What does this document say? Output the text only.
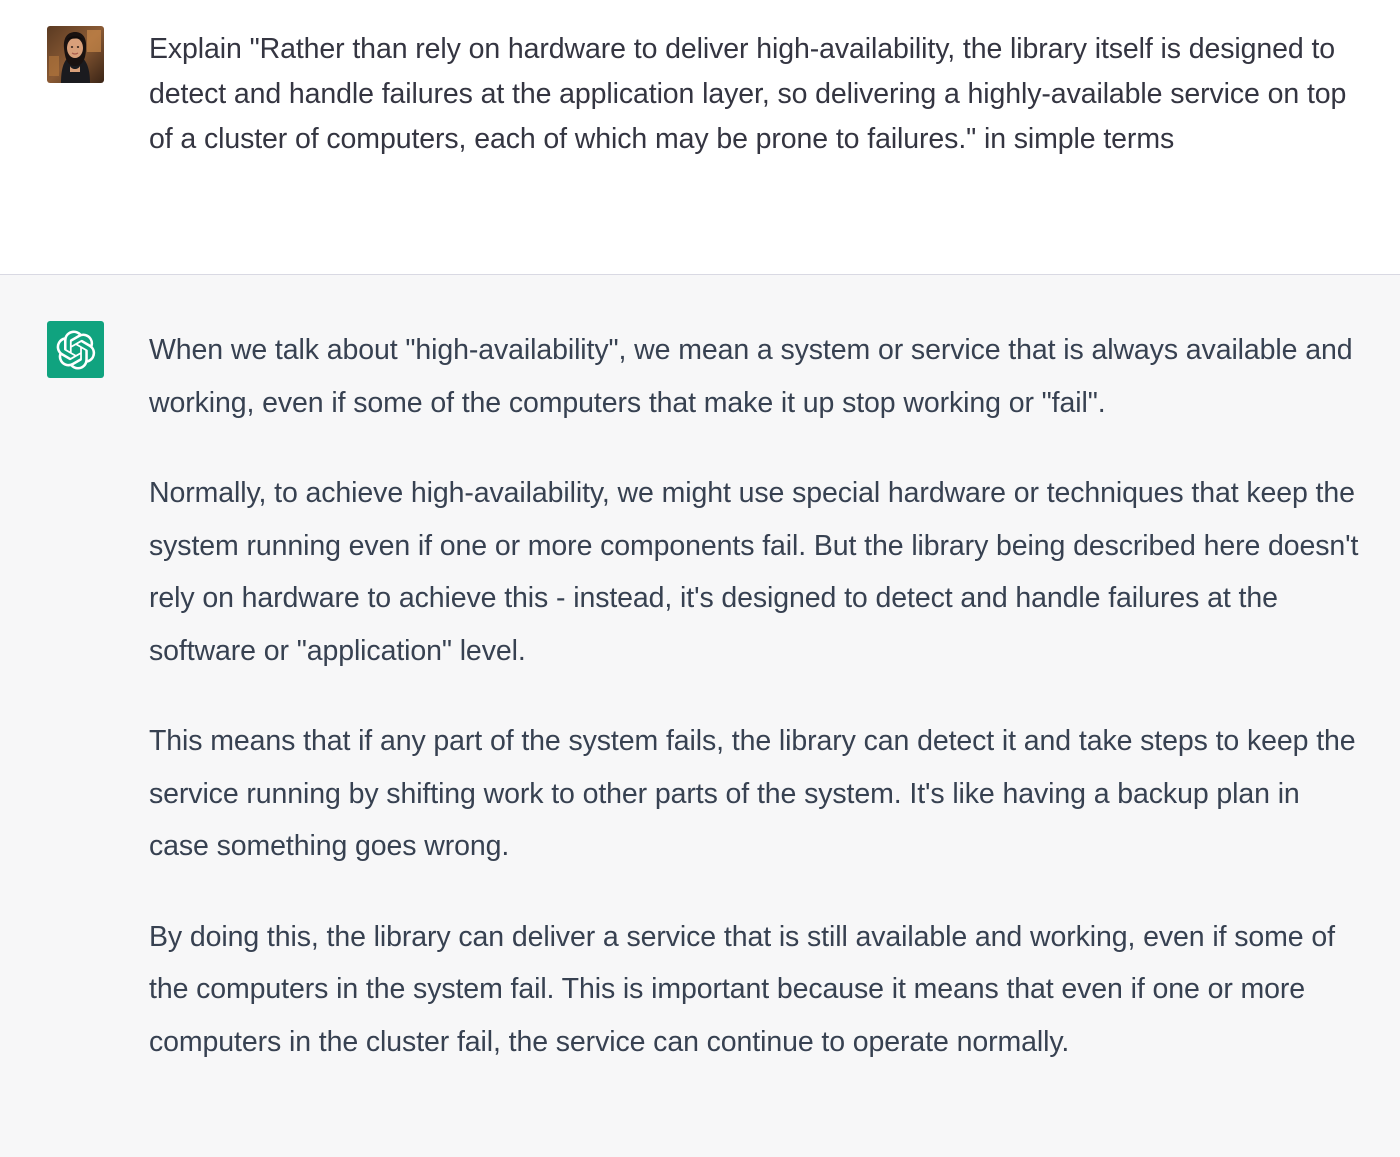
Explain "Rather than rely on hardware to deliver high-availability, the library itself is designed to detect and handle failures at the application layer, so delivering a highly-available service on top of a cluster of computers, each of which may be prone to failures." in simple terms

When we talk about "high-availability", we mean a system or service that is always available and working, even if some of the computers that make it up stop working or "fail".

Normally, to achieve high-availability, we might use special hardware or techniques that keep the system running even if one or more components fail. But the library being described here doesn't rely on hardware to achieve this - instead, it's designed to detect and handle failures at the software or "application" level.

This means that if any part of the system fails, the library can detect it and take steps to keep the service running by shifting work to other parts of the system. It's like having a backup plan in case something goes wrong.

By doing this, the library can deliver a service that is still available and working, even if some of the computers in the system fail. This is important because it means that even if one or more computers in the cluster fail, the service can continue to operate normally.
